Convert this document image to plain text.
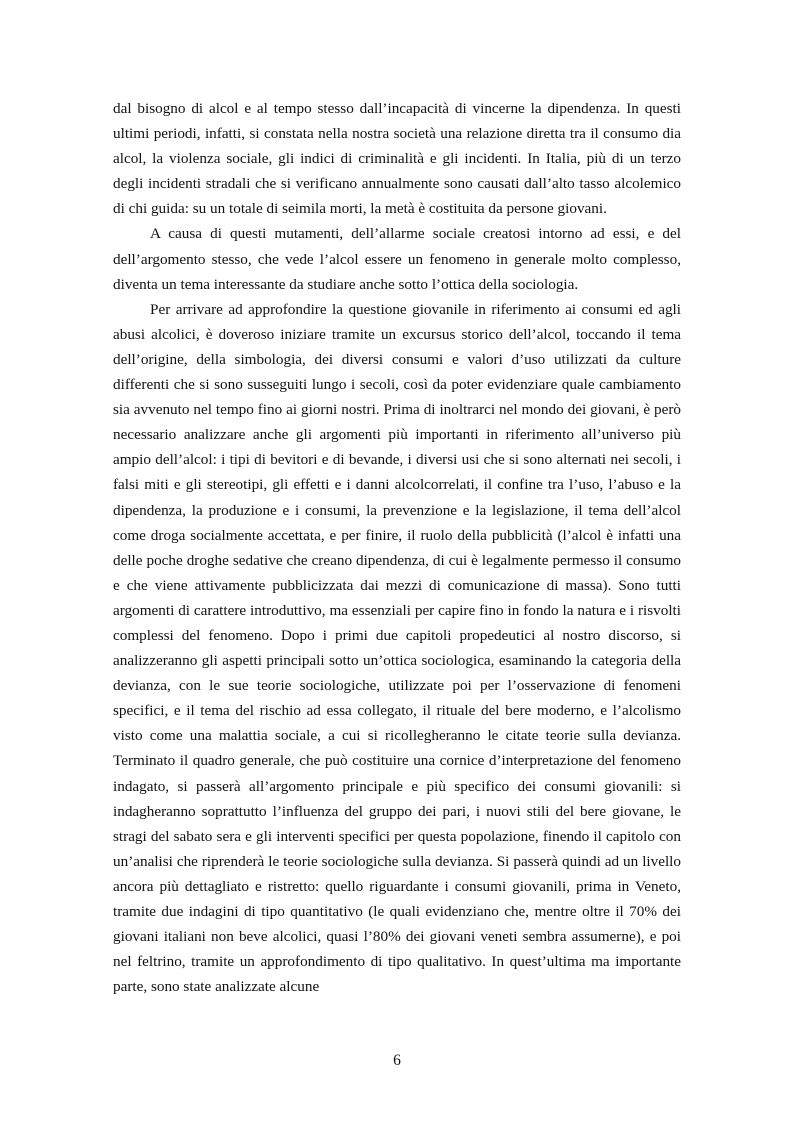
dal bisogno di alcol e al tempo stesso dall’incapacità di vincerne la dipendenza. In questi ultimi periodi, infatti, si constata nella nostra società una relazione diretta tra il consumo dia alcol, la violenza sociale, gli indici di criminalità e gli incidenti. In Italia, più di un terzo degli incidenti stradali che si verificano annualmente sono causati dall’alto tasso alcolemico di chi guida: su un totale di seimila morti, la metà è costituita da persone giovani.

A causa di questi mutamenti, dell’allarme sociale creatosi intorno ad essi, e del dell’argomento stesso, che vede l’alcol essere un fenomeno in generale molto complesso, diventa un tema interessante da studiare anche sotto l’ottica della sociologia.

Per arrivare ad approfondire la questione giovanile in riferimento ai consumi ed agli abusi alcolici, è doveroso iniziare tramite un excursus storico dell’alcol, toccando il tema dell’origine, della simbologia, dei diversi consumi e valori d’uso utilizzati da culture differenti che si sono susseguiti lungo i secoli, così da poter evidenziare quale cambiamento sia avvenuto nel tempo fino ai giorni nostri. Prima di inoltrarci nel mondo dei giovani, è però necessario analizzare anche gli argomenti più importanti in riferimento all’universo più ampio dell’alcol: i tipi di bevitori e di bevande, i diversi usi che si sono alternati nei secoli, i falsi miti e gli stereotipi, gli effetti e i danni alcolcorrelati, il confine tra l’uso, l’abuso e la dipendenza, la produzione e i consumi, la prevenzione e la legislazione, il tema dell’alcol come droga socialmente accettata, e per finire, il ruolo della pubblicità (l’alcol è infatti una delle poche droghe sedative che creano dipendenza, di cui è legalmente permesso il consumo e che viene attivamente pubblicizzata dai mezzi di comunicazione di massa). Sono tutti argomenti di carattere introduttivo, ma essenziali per capire fino in fondo la natura e i risvolti complessi del fenomeno. Dopo i primi due capitoli propedeutici al nostro discorso, si analizzeranno gli aspetti principali sotto un’ottica sociologica, esaminando la categoria della devianza, con le sue teorie sociologiche, utilizzate poi per l’osservazione di fenomeni specifici, e il tema del rischio ad essa collegato, il rituale del bere moderno, e l’alcolismo visto come una malattia sociale, a cui si ricollegheranno le citate teorie sulla devianza. Terminato il quadro generale, che può costituire una cornice d’interpretazione del fenomeno indagato, si passerà all’argomento principale e più specifico dei consumi giovanili: si indagheranno soprattutto l’influenza del gruppo dei pari, i nuovi stili del bere giovane, le stragi del sabato sera e gli interventi specifici per questa popolazione, finendo il capitolo con un’analisi che riprenderà le teorie sociologiche sulla devianza. Si passerà quindi ad un livello ancora più dettagliato e ristretto: quello riguardante i consumi giovanili, prima in Veneto, tramite due indagini di tipo quantitativo (le quali evidenziano che, mentre oltre il 70% dei giovani italiani non beve alcolici, quasi l’80% dei giovani veneti sembra assumerne), e poi nel feltrino, tramite un approfondimento di tipo qualitativo. In quest’ultima ma importante parte, sono state analizzate alcune

6
